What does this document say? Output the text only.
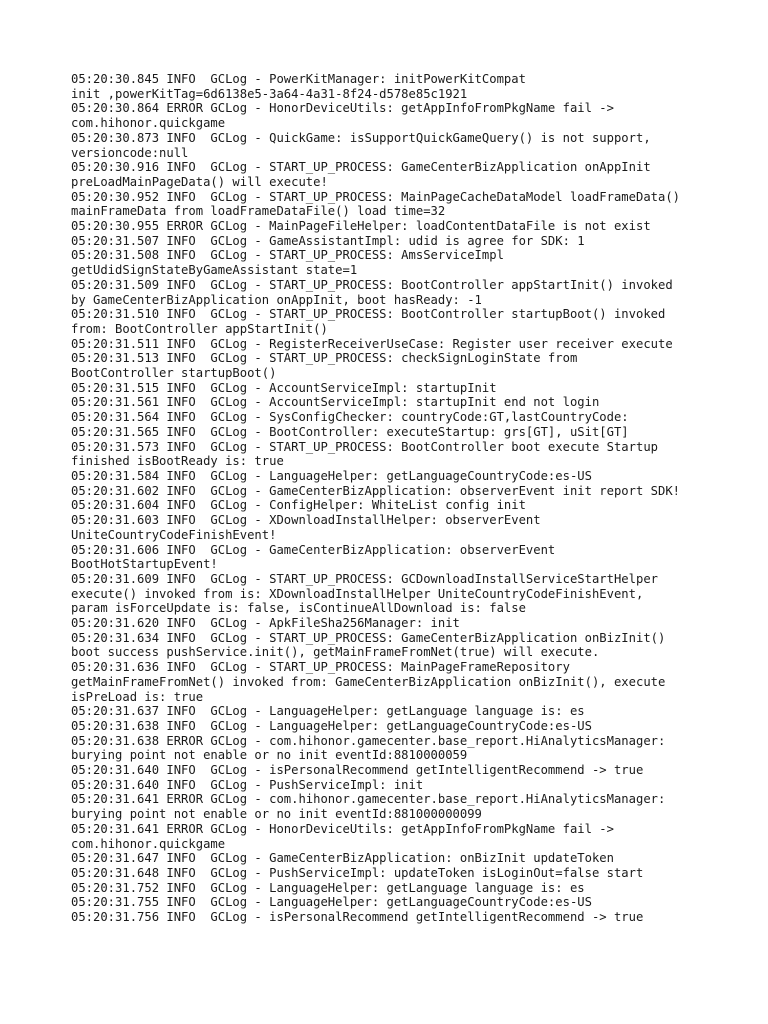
05:20:30.845 INFO  GCLog - PowerKitManager: initPowerKitCompat
init ,powerKitTag=6d6138e5-3a64-4a31-8f24-d578e85c1921
05:20:30.864 ERROR GCLog - HonorDeviceUtils: getAppInfoFromPkgName fail ->
com.hihonor.quickgame
05:20:30.873 INFO  GCLog - QuickGame: isSupportQuickGameQuery() is not support,
versioncode:null
05:20:30.916 INFO  GCLog - START_UP_PROCESS: GameCenterBizApplication onAppInit
preLoadMainPageData() will execute!
05:20:30.952 INFO  GCLog - START_UP_PROCESS: MainPageCacheDataModel loadFrameData()
mainFrameData from loadFrameDataFile() load time=32
05:20:30.955 ERROR GCLog - MainPageFileHelper: loadContentDataFile is not exist
05:20:31.507 INFO  GCLog - GameAssistantImpl: udid is agree for SDK: 1
05:20:31.508 INFO  GCLog - START_UP_PROCESS: AmsServiceImpl
getUdidSignStateByGameAssistant state=1
05:20:31.509 INFO  GCLog - START_UP_PROCESS: BootController appStartInit() invoked
by GameCenterBizApplication onAppInit, boot hasReady: -1
05:20:31.510 INFO  GCLog - START_UP_PROCESS: BootController startupBoot() invoked
from: BootController appStartInit()
05:20:31.511 INFO  GCLog - RegisterReceiverUseCase: Register user receiver execute
05:20:31.513 INFO  GCLog - START_UP_PROCESS: checkSignLoginState from
BootController startupBoot()
05:20:31.515 INFO  GCLog - AccountServiceImpl: startupInit
05:20:31.561 INFO  GCLog - AccountServiceImpl: startupInit end not login
05:20:31.564 INFO  GCLog - SysConfigChecker: countryCode:GT,lastCountryCode:
05:20:31.565 INFO  GCLog - BootController: executeStartup: grs[GT], uSit[GT]
05:20:31.573 INFO  GCLog - START_UP_PROCESS: BootController boot execute Startup
finished isBootReady is: true
05:20:31.584 INFO  GCLog - LanguageHelper: getLanguageCountryCode:es-US
05:20:31.602 INFO  GCLog - GameCenterBizApplication: observerEvent init report SDK!
05:20:31.604 INFO  GCLog - ConfigHelper: WhiteList config init
05:20:31.603 INFO  GCLog - XDownloadInstallHelper: observerEvent
UniteCountryCodeFinishEvent!
05:20:31.606 INFO  GCLog - GameCenterBizApplication: observerEvent
BootHotStartupEvent!
05:20:31.609 INFO  GCLog - START_UP_PROCESS: GCDownloadInstallServiceStartHelper
execute() invoked from is: XDownloadInstallHelper UniteCountryCodeFinishEvent,
param isForceUpdate is: false, isContinueAllDownload is: false
05:20:31.620 INFO  GCLog - ApkFileSha256Manager: init
05:20:31.634 INFO  GCLog - START_UP_PROCESS: GameCenterBizApplication onBizInit()
boot success pushService.init(), getMainFrameFromNet(true) will execute.
05:20:31.636 INFO  GCLog - START_UP_PROCESS: MainPageFrameRepository
getMainFrameFromNet() invoked from: GameCenterBizApplication onBizInit(), execute
isPreLoad is: true
05:20:31.637 INFO  GCLog - LanguageHelper: getLanguage language is: es
05:20:31.638 INFO  GCLog - LanguageHelper: getLanguageCountryCode:es-US
05:20:31.638 ERROR GCLog - com.hihonor.gamecenter.base_report.HiAnalyticsManager:
burying point not enable or no init eventId:8810000059
05:20:31.640 INFO  GCLog - isPersonalRecommend getIntelligentRecommend -> true
05:20:31.640 INFO  GCLog - PushServiceImpl: init
05:20:31.641 ERROR GCLog - com.hihonor.gamecenter.base_report.HiAnalyticsManager:
burying point not enable or no init eventId:881000000099
05:20:31.641 ERROR GCLog - HonorDeviceUtils: getAppInfoFromPkgName fail ->
com.hihonor.quickgame
05:20:31.647 INFO  GCLog - GameCenterBizApplication: onBizInit updateToken
05:20:31.648 INFO  GCLog - PushServiceImpl: updateToken isLoginOut=false start
05:20:31.752 INFO  GCLog - LanguageHelper: getLanguage language is: es
05:20:31.755 INFO  GCLog - LanguageHelper: getLanguageCountryCode:es-US
05:20:31.756 INFO  GCLog - isPersonalRecommend getIntelligentRecommend -> true
